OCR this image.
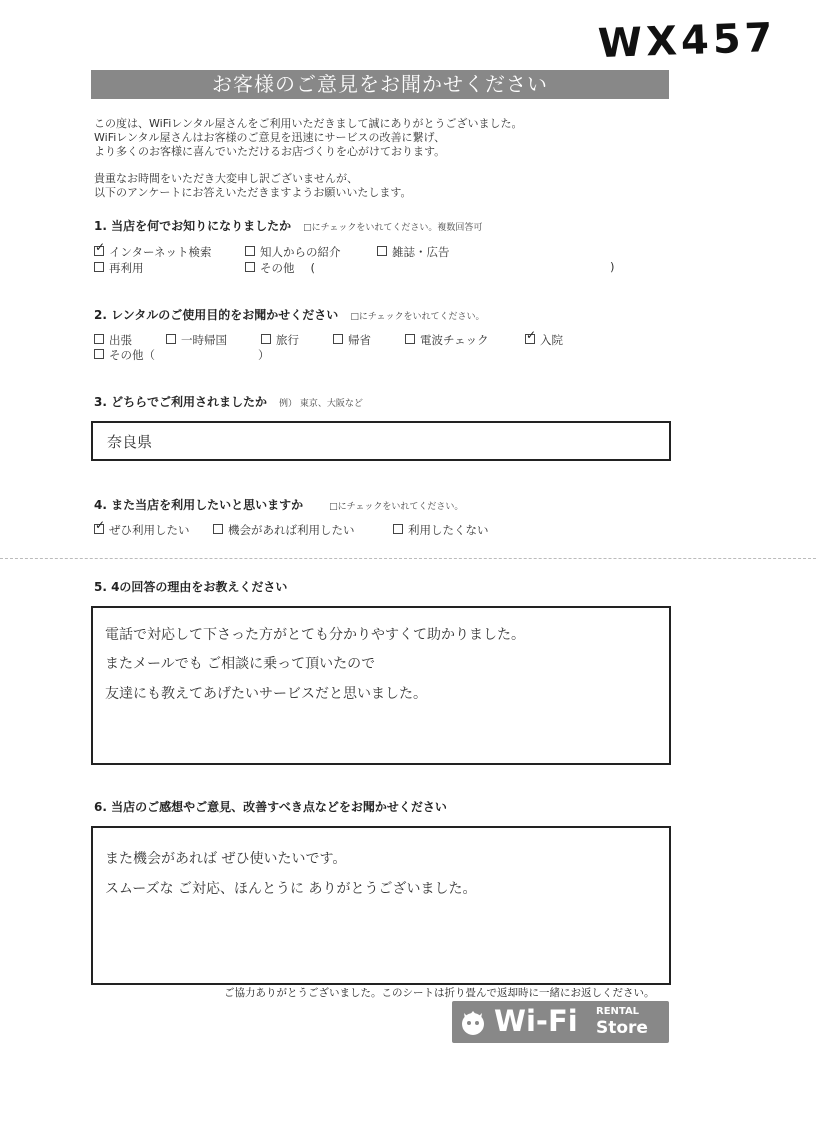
WX457
お客様のご意見をお聞かせください
この度は、WiFiレンタル屋さんをご利用いただきまして誠にありがとうございました。
WiFiレンタル屋さんはお客様のご意見を迅速にサービスの改善に繋げ、
より多くのお客様に喜んでいただけるお店づくりを心がけております。
貴重なお時間をいただき大変申し訳ございませんが、
以下のアンケートにお答えいただきますようお願いいたします。
1. 当店を何でお知りになりましたか □にチェックをいれてください。複数回答可
✓インターネット検索	知人からの紹介	雑誌・広告
再利用	その他 (	)
2. レンタルのご使用目的をお聞かせください □にチェックをいれてください。
出張	一時帰国	旅行	帰省	電波チェック
✓	入院
その他（	）
3. どちらでご利用されましたか 例） 東京、大阪など
奈良県
4. また当店を利用したいと思いますか	□にチェックをいれてください。
✓ぜひ利用したい	機会があれば利用したい	利用したくない
5. 4の回答の理由をお教えください
電話で対応して下さった方がとても分かりやすくて助かりました。
またメールでも ご相談に乗って頂いたので
友達にも教えてあげたいサービスだと思いました。
6. 当店のご感想やご意見、改善すべき点などをお聞かせください
また機会があれば ぜひ使いたいです。
スムーズな ご対応、ほんとうに ありがとうございました。
ご協力ありがとうございました。このシートは折り畳んで返却時に一緒にお返しください。
Wi-Fi RENTAL
Store
